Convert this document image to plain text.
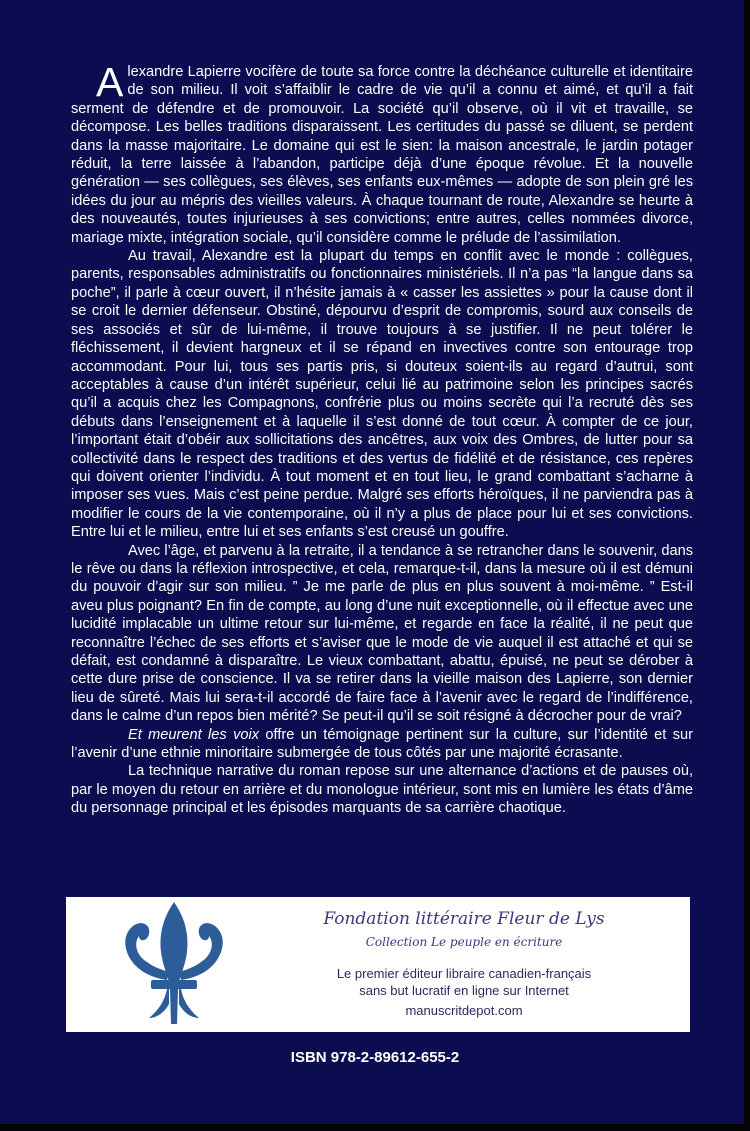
Alexandre Lapierre vocifère de toute sa force contre la déchéance culturelle et identitaire de son milieu. Il voit s’affaiblir le cadre de vie qu’il a connu et aimé, et qu’il a fait serment de défendre et de promouvoir. La société qu’il observe, où il vit et travaille, se décompose. Les belles traditions disparaissent. Les certitudes du passé se diluent, se perdent dans la masse majoritaire. Le domaine qui est le sien: la maison ancestrale, le jardin potager réduit, la terre laissée à l’abandon, participe déjà d’une époque révolue. Et la nouvelle génération — ses collègues, ses élèves, ses enfants eux-mêmes — adopte de son plein gré les idées du jour au mépris des vieilles valeurs. À chaque tournant de route, Alexandre se heurte à des nouveautés, toutes injurieuses à ses convictions; entre autres, celles nommées divorce, mariage mixte, intégration sociale, qu’il considère comme le prélude de l’assimilation.

Au travail, Alexandre est la plupart du temps en conflit avec le monde : collègues, parents, responsables administratifs ou fonctionnaires ministériels. Il n’a pas “la langue dans sa poche”, il parle à cœur ouvert, il n’hésite jamais à « casser les assiettes » pour la cause dont il se croit le dernier défenseur. Obstiné, dépourvu d’esprit de compromis, sourd aux conseils de ses associés et sûr de lui-même, il trouve toujours à se justifier. Il ne peut tolérer le fléchissement, il devient hargneux et il se répand en invectives contre son entourage trop accommodant. Pour lui, tous ses partis pris, si douteux soient-ils au regard d’autrui, sont acceptables à cause d’un intérêt supérieur, celui lié au patrimoine selon les principes sacrés qu’il a acquis chez les Compagnons, confrérie plus ou moins secrète qui l’a recruté dès ses débuts dans l’enseignement et à laquelle il s’est donné de tout cœur. À compter de ce jour, l’important était d’obéir aux sollicitations des ancêtres, aux voix des Ombres, de lutter pour sa collectivité dans le respect des traditions et des vertus de fidélité et de résistance, ces repères qui doivent orienter l’individu. À tout moment et en tout lieu, le grand combattant s’acharne à imposer ses vues. Mais c’est peine perdue. Malgré ses efforts héroïques, il ne parviendra pas à modifier le cours de la vie contemporaine, où il n’y a plus de place pour lui et ses convictions. Entre lui et le milieu, entre lui et ses enfants s’est creusé un gouffre.

Avec l’âge, et parvenu à la retraite, il a tendance à se retrancher dans le souvenir, dans le rêve ou dans la réflexion introspective, et cela, remarque-t-il, dans la mesure où il est démuni du pouvoir d’agir sur son milieu. ” Je me parle de plus en plus souvent à moi-même. ” Est-il aveu plus poignant? En fin de compte, au long d’une nuit exceptionnelle, où il effectue avec une lucidité implacable un ultime retour sur lui-même, et regarde en face la réalité, il ne peut que reconnaître l’échec de ses efforts et s’aviser que le mode de vie auquel il est attaché et qui se défait, est condamné à disparaître. Le vieux combattant, abattu, épuisé, ne peut se dérober à cette dure prise de conscience. Il va se retirer dans la vieille maison des Lapierre, son dernier lieu de sûreté. Mais lui sera-t-il accordé de faire face à l’avenir avec le regard de l’indifférence, dans le calme d’un repos bien mérité? Se peut-il qu’il se soit résigné à décrocher pour de vrai?

Et meurent les voix offre un témoignage pertinent sur la culture, sur l’identité et sur l’avenir d’une ethnie minoritaire submergée de tous côtés par une majorité écrasante.

La technique narrative du roman repose sur une alternance d’actions et de pauses où, par le moyen du retour en arrière et du monologue intérieur, sont mis en lumière les états d’âme du personnage principal et les épisodes marquants de sa carrière chaotique.

Fondation littéraire Fleur de Lys
Collection Le peuple en écriture
Le premier éditeur libraire canadien-français
sans but lucratif en ligne sur Internet
manuscritdepot.com
ISBN 978-2-89612-655-2
